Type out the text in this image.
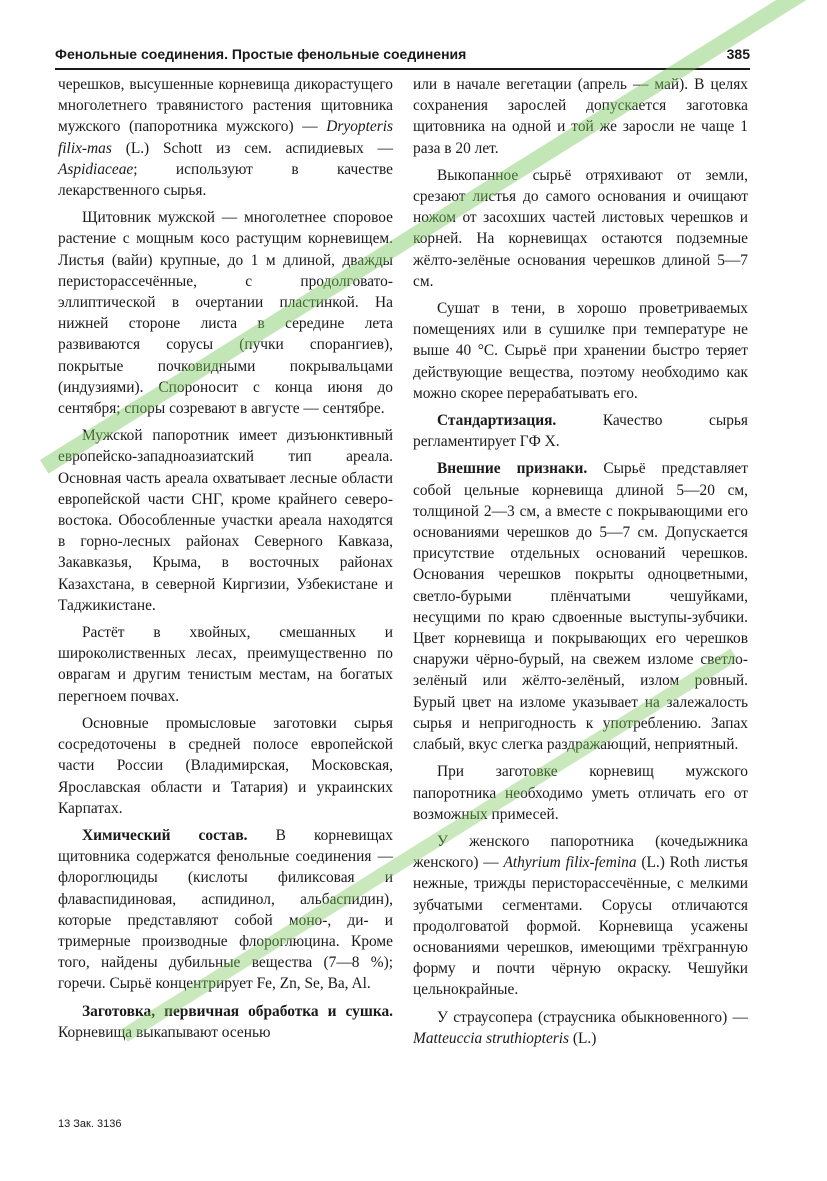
Фенольные соединения. Простые фенольные соединения	385

черешков, высушенные корневища дикорастущего многолетнего травянистого растения щитовника мужского (папоротника мужского) — Dryopteris filix-mas (L.) Schott из сем. аспидиевых — Aspidiaceae; используют в качестве лекарственного сырья.

Щитовник мужской — многолетнее споровое растение с мощным косо растущим корневищем. Листья (вайи) крупные, до 1 м длиной, дважды перисторассечённые, с продолговато-эллиптической в очертании пластинкой. На нижней стороне листа в середине лета развиваются сорусы (пучки спорангиев), покрытые почковидными покрывальцами (индузиями). Спороносит с конца июня до сентября; споры созревают в августе — сентябре.

Мужской папоротник имеет дизъюнктивный европейско-западноазиатский тип ареала. Основная часть ареала охватывает лесные области европейской части СНГ, кроме крайнего северо-востока. Обособленные участки ареала находятся в горно-лесных районах Северного Кавказа, Закавказья, Крыма, в восточных районах Казахстана, в северной Киргизии, Узбекистане и Таджикистане.

Растёт в хвойных, смешанных и широколиственных лесах, преимущественно по оврагам и другим тенистым местам, на богатых перегноем почвах.

Основные промысловые заготовки сырья сосредоточены в средней полосе европейской части России (Владимирская, Московская, Ярославская области и Татария) и украинских Карпатах.

Химический состав. В корневищах щитовника содержатся фенольные соединения — флороглюциды (кислоты филиксовая и флаваспидиновая, аспидинол, альбаспидин), которые представляют собой моно-, ди- и тримерные производные флороглюцина. Кроме того, найдены дубильные вещества (7—8 %); горечи. Сырьё концентрирует Fe, Zn, Se, Ba, Al.

Заготовка, первичная обработка и сушка. Корневища выкапывают осенью

или в начале вегетации (апрель — май). В целях сохранения зарослей допускается заготовка щитовника на одной и той же заросли не чаще 1 раза в 20 лет.

Выкопанное сырьё отряхивают от земли, срезают листья до самого основания и очищают ножом от засохших частей листовых черешков и корней. На корневищах остаются подземные жёлто-зелёные основания черешков длиной 5—7 см.

Сушат в тени, в хорошо проветриваемых помещениях или в сушилке при температуре не выше 40 °С. Сырьё при хранении быстро теряет действующие вещества, поэтому необходимо как можно скорее перерабатывать его.

Стандартизация.	Качество сырья регламентирует ГФ X.

Внешние признаки. Сырьё представляет собой цельные корневища длиной 5—20 см, толщиной 2—3 см, а вместе с покрывающими его основаниями черешков до 5—7 см. Допускается присутствие отдельных оснований черешков. Основания черешков покрыты одноцветными, светло-бурыми плёнчатыми чешуйками, несущими по краю сдвоенные выступы-зубчики. Цвет корневища и покрывающих его черешков снаружи чёрно-бурый, на свежем изломе светло-зелёный или жёлто-зелёный, излом ровный. Бурый цвет на изломе указывает на залежалость сырья и непригодность к употреблению. Запах слабый, вкус слегка раздражающий, неприятный.

При заготовке корневищ мужского папоротника необходимо уметь отличать его от возможных примесей.

У женского папоротника (кочедыжника женского) — Athyrium filix-femina (L.) Roth листья нежные, трижды перисторассечённые, с мелкими зубчатыми сегментами. Сорусы отличаются продолговатой формой. Корневища усажены основаниями черешков, имеющими трёхгранную форму и почти чёрную окраску. Чешуйки цельнокрайные.

У страусопера (страусника обыкновенного) — Matteuccia struthiopteris (L.)

13 Зак. 3136
